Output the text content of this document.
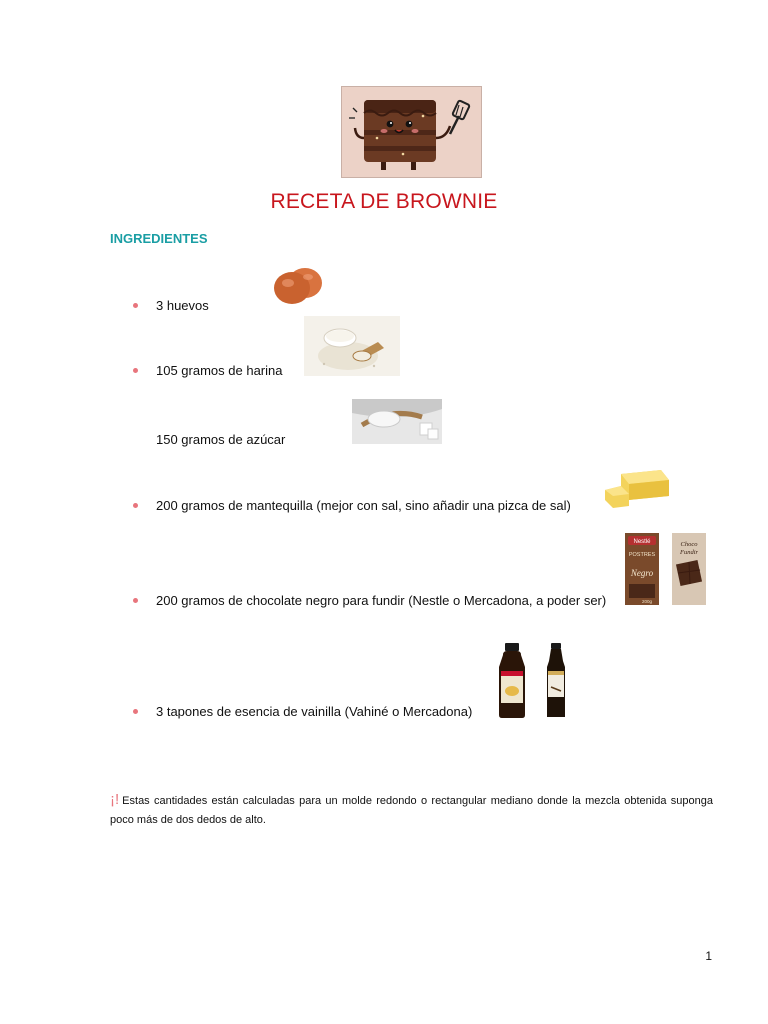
RECETA DE BROWNIE
INGREDIENTES
3 huevos
105 gramos de harina
150 gramos de azúcar
200 gramos de mantequilla (mejor con sal, sino añadir una pizca de sal)
200 gramos de chocolate negro para fundir (Nestle o Mercadona, a poder ser)
3 tapones de esencia de vainilla (Vahiné o Mercadona)
Nestlé
POSTRES
Negro
200g
Choco
Fundir
¡! Estas cantidades están calculadas para un molde redondo o rectangular mediano donde la mezcla obtenida suponga poco más de dos dedos de alto.
1
